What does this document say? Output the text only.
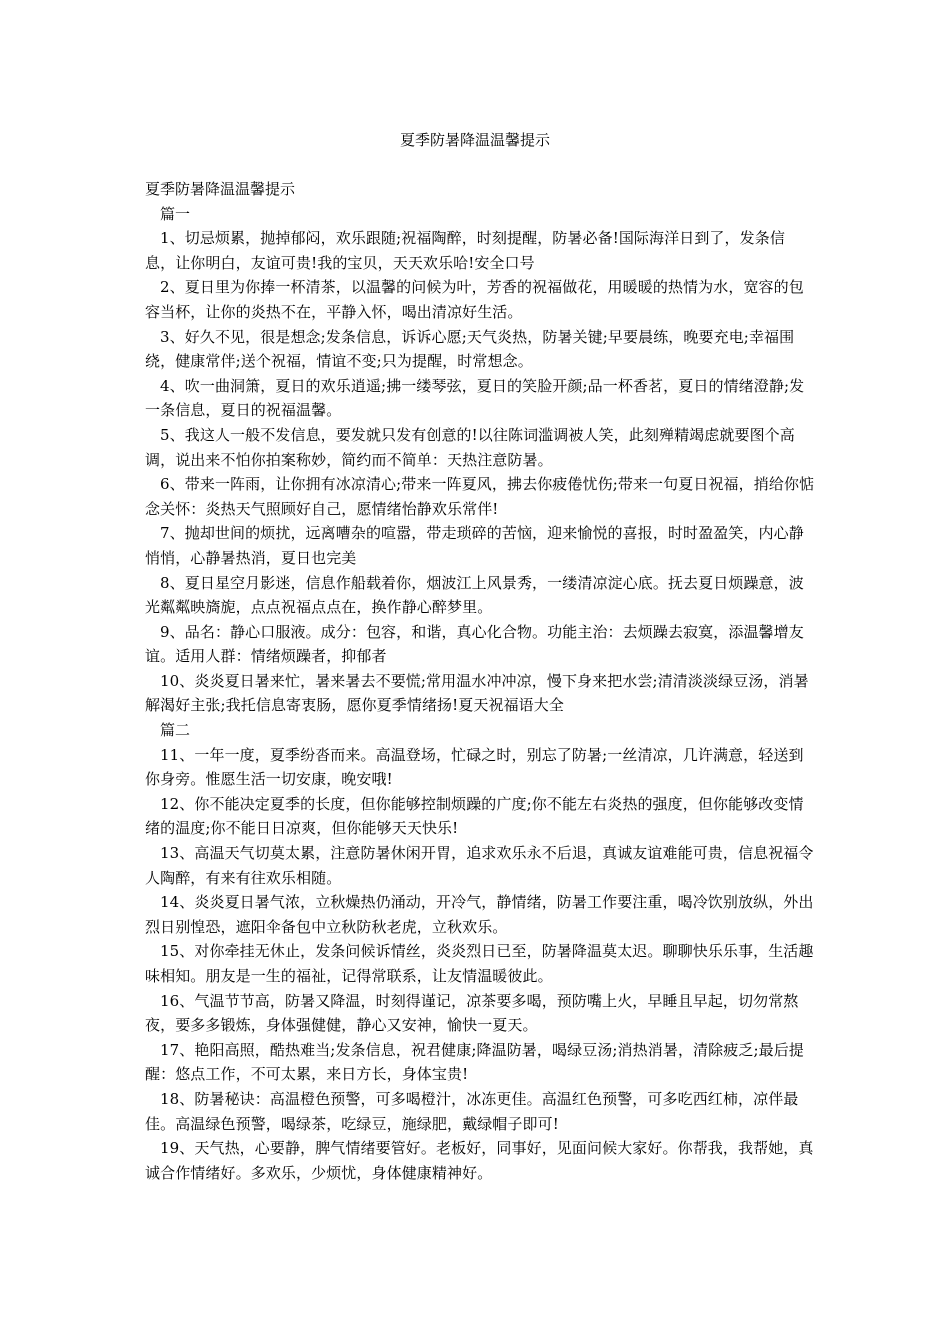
夏季防暑降温温馨提示

夏季防暑降温温馨提示

篇一

1、切忌烦累，抛掉郁闷，欢乐跟随;祝福陶醉，时刻提醒，防暑必备!国际海洋日到了，发条信息，让你明白，友谊可贵!我的宝贝，天天欢乐哈!安全口号

2、夏日里为你捧一杯清茶，以温馨的问候为叶，芳香的祝福做花，用暖暖的热情为水，宽容的包容当杯，让你的炎热不在，平静入怀，喝出清凉好生活。

3、好久不见，很是想念;发条信息，诉诉心愿;天气炎热，防暑关键;早要晨练，晚要充电;幸福围绕，健康常伴;送个祝福，情谊不变;只为提醒，时常想念。

4、吹一曲洞箫，夏日的欢乐逍遥;拂一缕琴弦，夏日的笑脸开颜;品一杯香茗，夏日的情绪澄静;发一条信息，夏日的祝福温馨。

5、我这人一般不发信息，要发就只发有创意的!以往陈词滥调被人笑，此刻殚精竭虑就要图个高调，说出来不怕你拍案称妙，简约而不简单：天热注意防暑。

6、带来一阵雨，让你拥有冰凉清心;带来一阵夏风，拂去你疲倦忧伤;带来一句夏日祝福，捎给你惦念关怀：炎热天气照顾好自己，愿情绪怡静欢乐常伴!

7、抛却世间的烦扰，远离嘈杂的喧嚣，带走琐碎的苦恼，迎来愉悦的喜报，时时盈盈笑，内心静悄悄，心静暑热消，夏日也完美

8、夏日星空月影迷，信息作船载着你，烟波江上风景秀，一缕清凉淀心底。抚去夏日烦躁意，波光粼粼映旖旎，点点祝福点点在，换作静心醉梦里。

9、品名：静心口服液。成分：包容，和谐，真心化合物。功能主治：去烦躁去寂寞，添温馨增友谊。适用人群：情绪烦躁者，抑郁者

10、炎炎夏日暑来忙，暑来暑去不要慌;常用温水冲冲凉，慢下身来把水尝;清清淡淡绿豆汤，消暑解渴好主张;我托信息寄衷肠，愿你夏季情绪扬!夏天祝福语大全

篇二

11、一年一度，夏季纷沓而来。高温登场，忙碌之时，别忘了防暑;一丝清凉，几许满意，轻送到你身旁。惟愿生活一切安康，晚安哦!

12、你不能决定夏季的长度，但你能够控制烦躁的广度;你不能左右炎热的强度，但你能够改变情绪的温度;你不能日日凉爽，但你能够天天快乐!

13、高温天气切莫太累，注意防暑休闲开胃，追求欢乐永不后退，真诚友谊难能可贵，信息祝福令人陶醉，有来有往欢乐相随。

14、炎炎夏日暑气浓，立秋燥热仍涌动，开冷气，静情绪，防暑工作要注重，喝冷饮别放纵，外出烈日别惶恐，遮阳伞备包中立秋防秋老虎，立秋欢乐。

15、对你牵挂无休止，发条问候诉情丝，炎炎烈日已至，防暑降温莫太迟。聊聊快乐乐事，生活趣味相知。朋友是一生的福祉，记得常联系，让友情温暖彼此。

16、气温节节高，防暑又降温，时刻得谨记，凉茶要多喝，预防嘴上火，早睡且早起，切勿常熬夜，要多多锻炼，身体强健健，静心又安神，愉快一夏天。

17、艳阳高照，酷热难当;发条信息，祝君健康;降温防暑，喝绿豆汤;消热消暑，清除疲乏;最后提醒：悠点工作，不可太累，来日方长，身体宝贵!

18、防暑秘诀：高温橙色预警，可多喝橙汁，冰冻更佳。高温红色预警，可多吃西红柿，凉伴最佳。高温绿色预警，喝绿茶，吃绿豆，施绿肥，戴绿帽子即可!

19、天气热，心要静，脾气情绪要管好。老板好，同事好，见面问候大家好。你帮我，我帮她，真诚合作情绪好。多欢乐，少烦忧，身体健康精神好。
